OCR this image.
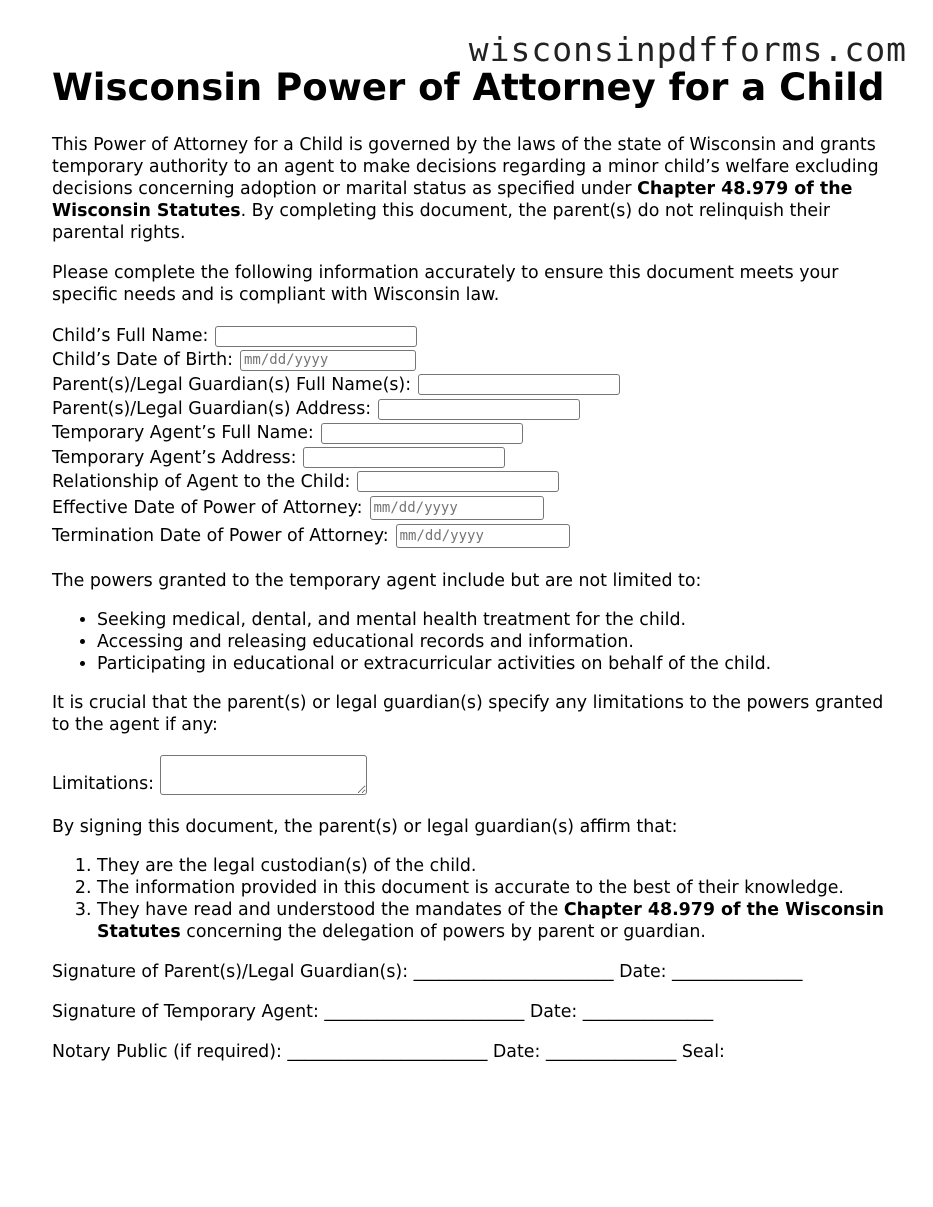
wisconsinpdfforms.com
Wisconsin Power of Attorney for a Child

This Power of Attorney for a Child is governed by the laws of the state of Wisconsin and grants temporary authority to an agent to make decisions regarding a minor child’s welfare excluding decisions concerning adoption or marital status as specified under Chapter 48.979 of the Wisconsin Statutes. By completing this document, the parent(s) do not relinquish their parental rights.

Please complete the following information accurately to ensure this document meets your specific needs and is compliant with Wisconsin law.

Child’s Full Name:
Child’s Date of Birth:
mm/dd/yyyy
Parent(s)/Legal Guardian(s) Full Name(s):
Parent(s)/Legal Guardian(s) Address:
Temporary Agent’s Full Name:
Temporary Agent’s Address:
Relationship of Agent to the Child:
Effective Date of Power of Attorney:
mm/dd/yyyy
Termination Date of Power of Attorney:
mm/dd/yyyy

The powers granted to the temporary agent include but are not limited to:

• Seeking medical, dental, and mental health treatment for the child.
• Accessing and releasing educational records and information.
• Participating in educational or extracurricular activities on behalf of the child.

It is crucial that the parent(s) or legal guardian(s) specify any limitations to the powers granted to the agent if any:

Limitations:

By signing this document, the parent(s) or legal guardian(s) affirm that:

1. They are the legal custodian(s) of the child.
2. The information provided in this document is accurate to the best of their knowledge.
3. They have read and understood the mandates of the Chapter 48.979 of the Wisconsin Statutes concerning the delegation of powers by parent or guardian.

Signature of Parent(s)/Legal Guardian(s): _______________________ Date: _______________

Signature of Temporary Agent: _______________________ Date: _______________

Notary Public (if required): _______________________ Date: _______________ Seal:
